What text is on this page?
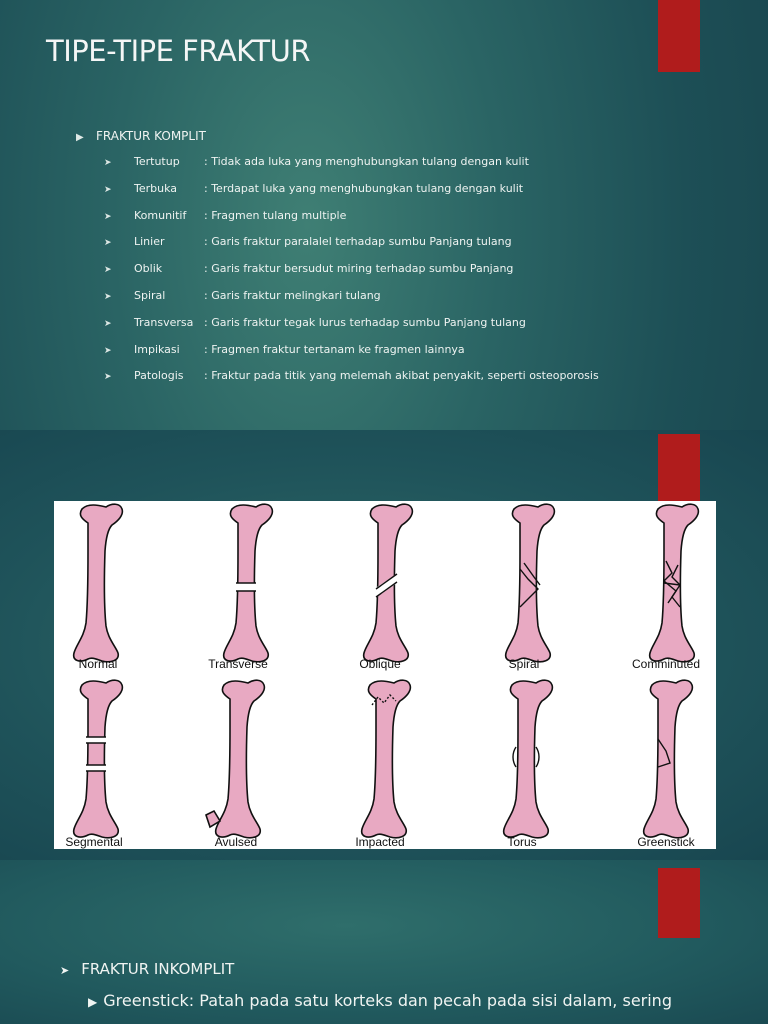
TIPE-TIPE FRAKTUR
▶ FRAKTUR KOMPLIT
➤	Tertutup	: Tidak ada luka yang menghubungkan tulang dengan kulit
➤	Terbuka	: Terdapat luka yang menghubungkan tulang dengan kulit
➤	Komunitif	: Fragmen tulang multiple
➤	Linier	: Garis fraktur paralalel terhadap sumbu Panjang tulang
➤	Oblik	: Garis fraktur bersudut miring terhadap sumbu Panjang
➤	Spiral	: Garis fraktur melingkari tulang
➤	Transversa : Garis fraktur tegak lurus terhadap sumbu Panjang tulang
➤	Impikasi	: Fragmen fraktur tertanam ke fragmen lainnya
➤	Patologis	: Fraktur pada titik yang melemah akibat penyakit, seperti osteoporosis
Normal	Transverse	Oblique	Spiral	Comminuted
Segmental	Avulsed	Impacted	Torus	Greenstick
➤ FRAKTUR INKOMPLIT
▶ Greenstick: Patah pada satu korteks dan pecah pada sisi dalam, sering
